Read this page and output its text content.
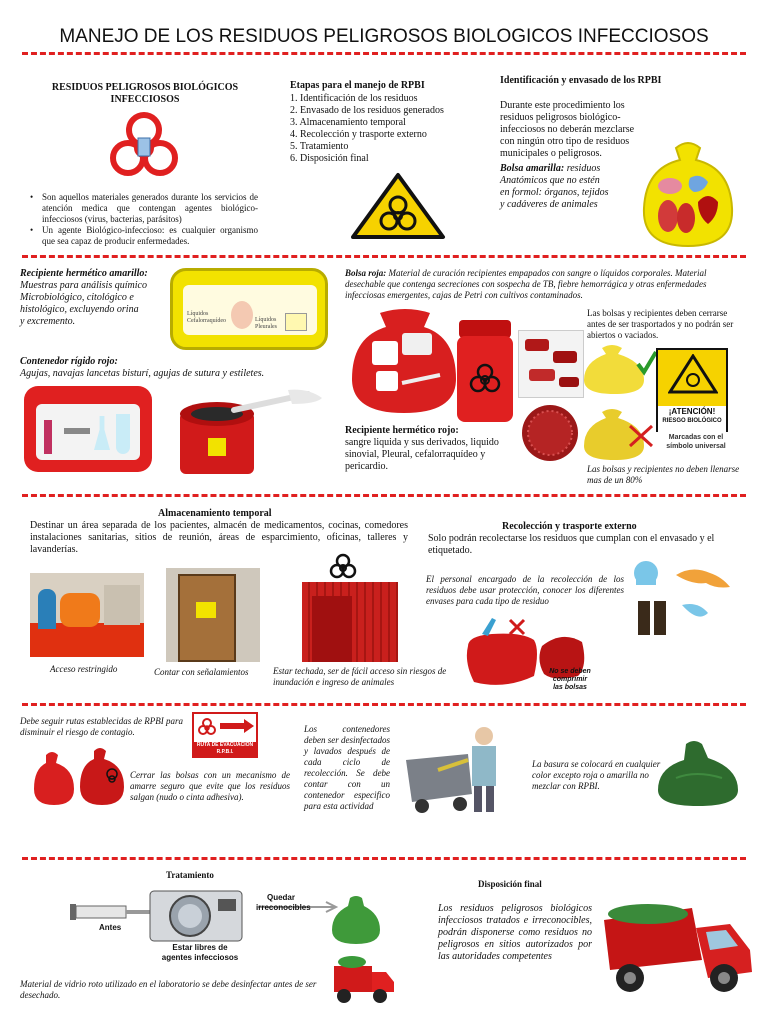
MANEJO DE LOS RESIDUOS PELIGROSOS BIOLOGICOS INFECCIOSOS
RESIDUOS PELIGROSOS BIOLÓGICOS INFECCIOSOS
• Son aquellos materiales generados durante los servicios de atención medica que contengan agentes biológico-infecciosos (virus, bacterias, parásitos)
• Un agente Biológico-infeccioso: es cualquier organismo que sea capaz de producir enfermedades.
Etapas para el manejo de RPBI
1. Identificación de los residuos
2. Envasado de los residuos generados
3. Almacenamiento temporal
4. Recolección y trasporte externo
5. Tratamiento
6. Disposición final
Identificación y envasado de los RPBI
Durante este procedimiento los residuos peligrosos biológico-infecciosos no deberán mezclarse con ningún otro tipo de residuos municipales o peligrosos.
Bolsa amarilla: residuos
Anatómicos que no estén
en formol: órganos, tejidos
y cadáveres de animales
Recipiente hermético amarillo:
Muestras para análisis químico
Microbiológico, citológico e
histológico, excluyendo orina
y excremento.
Líquidos Cefalorraquídeo	Líquidos Pleurales
Contenedor rígido rojo:
Agujas, navajas lancetas bisturí, agujas de sutura y estiletes.
Bolsa roja: Material de curación recipientes empapados con sangre o líquidos corporales. Material desechable que contenga secreciones con sospecha de TB, fiebre hemorrágica y otras enfermedades infecciosas emergentes, cajas de Petri con cultivos contaminados.
Las bolsas y recipientes deben cerrarse antes de ser trasportados y no podrán ser abiertos o vaciados.
Recipiente hermético rojo:
sangre liquida y sus derivados, liquido
sinovial, Pleural, cefalorraquídeo y
pericardio.
¡ATENCIÓN!
RIESGO BIOLÓGICO
Marcadas con el
símbolo universal
Las bolsas y recipientes no deben llenarse mas de un 80%
Almacenamiento temporal
Destinar un área separada de los pacientes, almacén de medicamentos, cocinas, comedores instalaciones sanitarias, sitios de reunión, áreas de esparcimiento, oficinas, talleres y lavanderías.
Acceso restringido	Contar con señalamientos	Estar techada, ser de fácil acceso sin riesgos de inundación e ingreso de animales
Recolección y trasporte externo
Solo podrán recolectarse los residuos que cumplan con el envasado y el etiquetado.
El personal encargado de la recolección de los residuos debe usar protección, conocer los diferentes envases para cada tipo de residuo
No se deben
comprimir
las bolsas
Debe seguir rutas establecidas de RPBI para disminuir el riesgo de contagio.
RUTA DE EVACUACIÓN R.P.B.I.
Cerrar las bolsas con un mecanismo de amarre seguro que evite que los residuos salgan (nudo o cinta adhesiva).
Los contenedores deben ser desinfectados y lavados después de cada ciclo de recolección. Se debe contar con un contenedor especifico para esta actividad
La basura se colocará en cualquier color excepto roja o amarilla no mezclar con RPBI.
Tratamiento
Antes
Estar libres de
agentes infecciosos
Quedar
irreconocibles
Material de vidrio roto utilizado en el laboratorio se debe desinfectar antes de ser desechado.
Disposición final
Los residuos peligrosos biológicos infecciosos tratados e irreconocibles, podrán disponerse como residuos no peligrosos en sitios autorizados por las autoridades competentes
